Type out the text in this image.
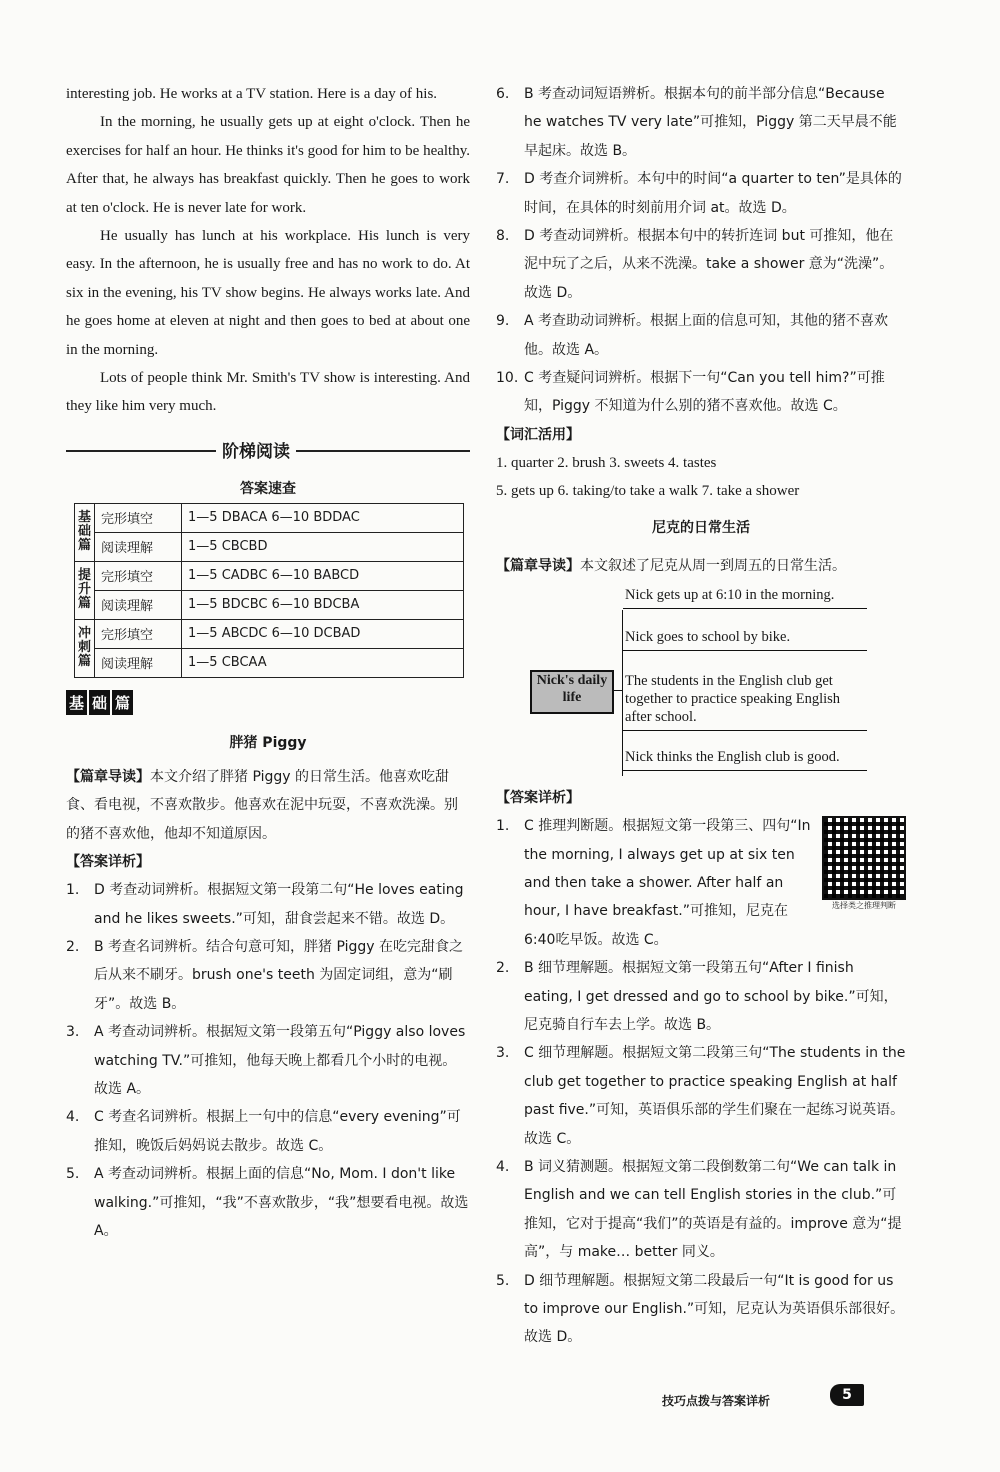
interesting job. He works at a TV station. Here is a day of his.

In the morning, he usually gets up at eight o'clock. Then he exercises for half an hour. He thinks it's good for him to be healthy. After that, he always has breakfast quickly. Then he goes to work at ten o'clock. He is never late for work.

He usually has lunch at his workplace. His lunch is very easy. In the afternoon, he is usually free and has no work to do. At six in the evening, his TV show begins. He always works late. And he goes home at eleven at night and then goes to bed at about one in the morning.

Lots of people think Mr. Smith's TV show is interesting. And they like him very much.

阶梯阅读
答案速查
基础篇	完形填空	1—5 DBACA 6—10 BDDAC
	阅读理解	1—5 CBCBD
提升篇	完形填空	1—5 CADBC 6—10 BABCD
	阅读理解	1—5 BDCBC 6—10 BDCBA
冲刺篇	完形填空	1—5 ABCDC 6—10 DCBAD
	阅读理解	1—5 CBCAA
基 础 篇
胖猪 Piggy

【篇章导读】本文介绍了胖猪 Piggy 的日常生活。他喜欢吃甜食、看电视，不喜欢散步。他喜欢在泥中玩耍，不喜欢洗澡。别的猪不喜欢他，他却不知道原因。

【答案详析】

1. D 考查动词辨析。根据短文第一段第二句“He loves eating and he likes sweets.”可知，甜食尝起来不错。故选 D。

2. B 考查名词辨析。结合句意可知，胖猪 Piggy 在吃完甜食之后从来不刷牙。brush one's teeth 为固定词组，意为“刷牙”。故选 B。

3. A 考查动词辨析。根据短文第一段第五句“Piggy also loves watching TV.”可推知，他每天晚上都看几个小时的电视。故选 A。

4. C 考查名词辨析。根据上一句中的信息“every evening”可推知，晚饭后妈妈说去散步。故选 C。

5. A 考查动词辨析。根据上面的信息“No, Mom. I don't like walking.”可推知，“我”不喜欢散步，“我”想要看电视。故选 A。

6. B 考查动词短语辨析。根据本句的前半部分信息“Because he watches TV very late”可推知，Piggy 第二天早晨不能早起床。故选 B。

7. D 考查介词辨析。本句中的时间“a quarter to ten”是具体的时间，在具体的时刻前用介词 at。故选 D。

8. D 考查动词辨析。根据本句中的转折连词 but 可推知，他在泥中玩了之后，从来不洗澡。take a shower 意为“洗澡”。故选 D。

9. A 考查助动词辨析。根据上面的信息可知，其他的猪不喜欢他。故选 A。

10. C 考查疑问词辨析。根据下一句“Can you tell him?”可推知，Piggy 不知道为什么别的猪不喜欢他。故选 C。

【词汇活用】

1. quarter 2. brush 3. sweets 4. tastes

5. gets up 6. taking/to take a walk 7. take a shower

尼克的日常生活

【篇章导读】本文叙述了尼克从周一到周五的日常生活。

Nick's daily life
Nick gets up at 6:10 in the morning.
Nick goes to school by bike.
The students in the English club get together to practice speaking English after school.
Nick thinks the English club is good.
【答案详析】
选择类之推理判断

1. C 推理判断题。根据短文第一段第三、四句“In the morning, I always get up at six ten and then take a shower. After half an hour, I have breakfast.”可推知，尼克在6:40吃早饭。故选 C。

2. B 细节理解题。根据短文第一段第五句“After I finish eating, I get dressed and go to school by bike.”可知，尼克骑自行车去上学。故选 B。

3. C 细节理解题。根据短文第二段第三句“The students in the club get together to practice speaking English at half past five.”可知，英语俱乐部的学生们聚在一起练习说英语。故选 C。

4. B 词义猜测题。根据短文第二段倒数第二句“We can talk in English and we can tell English stories in the club.”可推知，它对于提高“我们”的英语是有益的。improve 意为“提高”，与 make… better 同义。

5. D 细节理解题。根据短文第二段最后一句“It is good for us to improve our English.”可知，尼克认为英语俱乐部很好。故选 D。

技巧点拨与答案详析	5
